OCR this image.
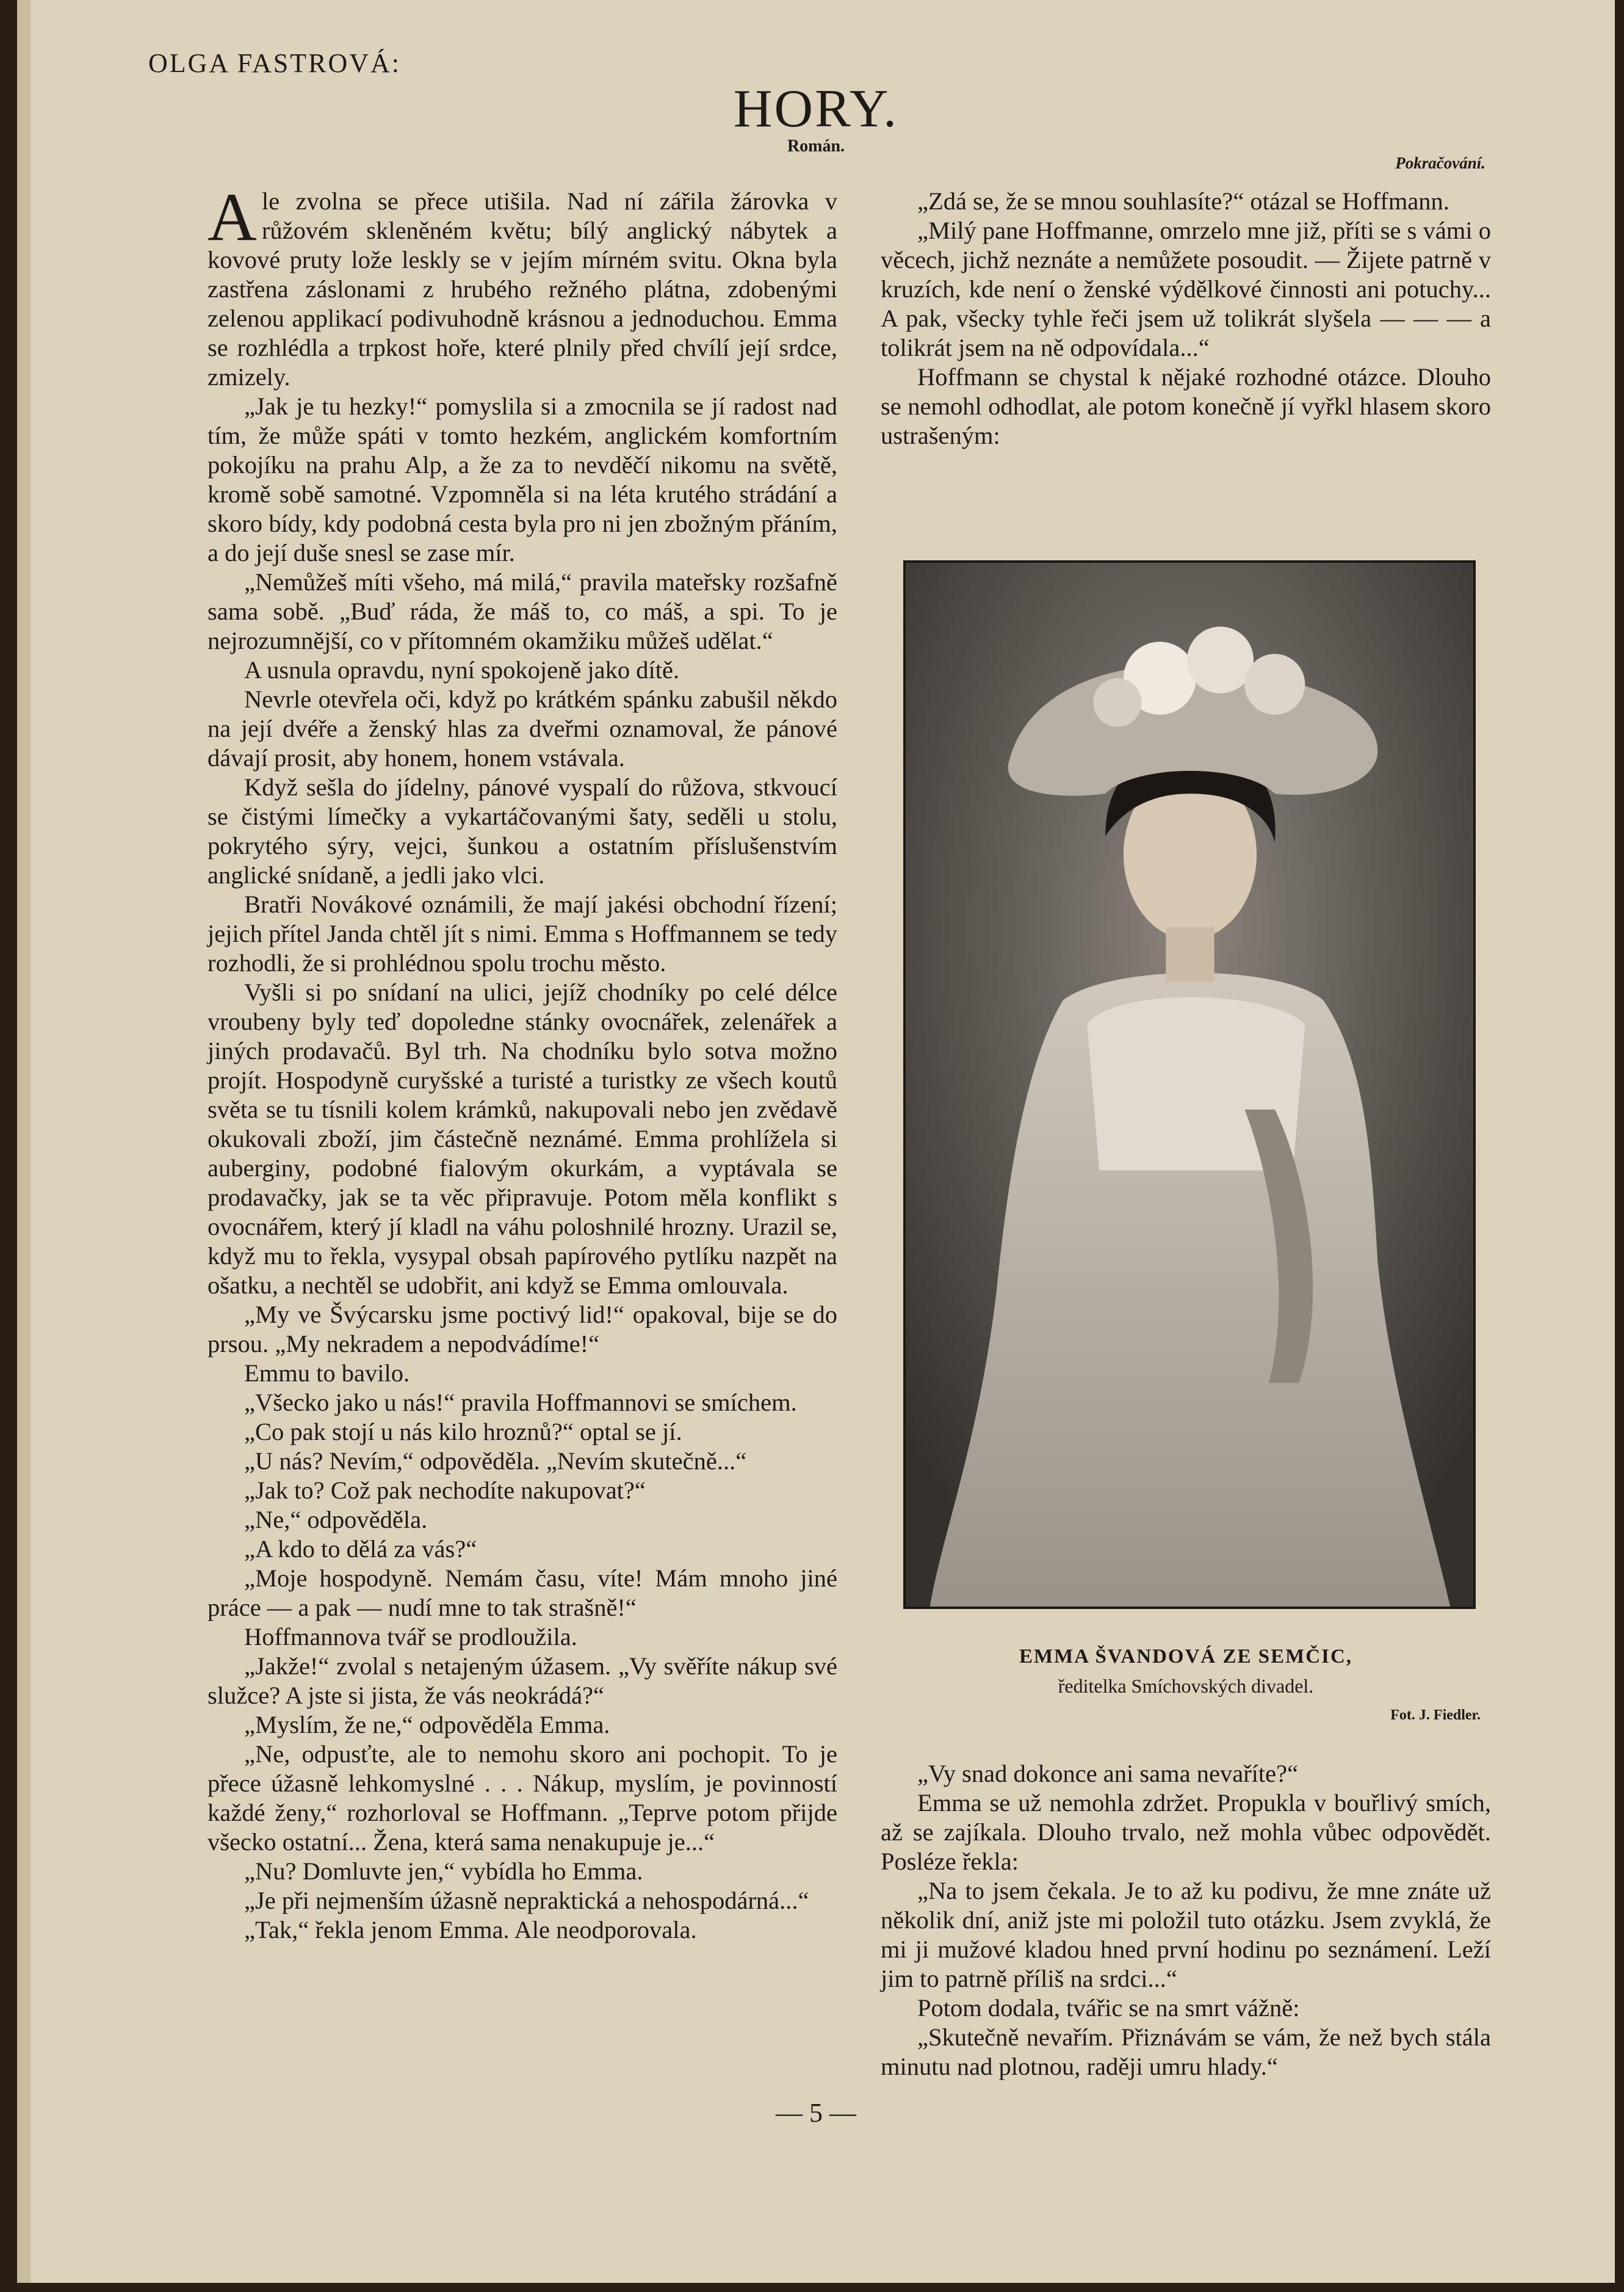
OLGA FASTROVÁ:
HORY.
Román.
Pokračování.

Ale zvolna se přece utišila. Nad ní zářila žárovka v růžovém skleněném květu; bílý anglický nábytek a kovové pruty lože leskly se v jejím mírném svitu. Okna byla zastřena záslonami z hrubého režného plátna, zdobenými zelenou applikací podivuhodně krásnou a jednoduchou. Emma se rozhlédla a trpkost hoře, které plnily před chvílí její srdce, zmizely.

„Jak je tu hezky!“ pomyslila si a zmocnila se jí radost nad tím, že může spáti v tomto hezkém, anglickém komfortním pokojíku na prahu Alp, a že za to nevděčí nikomu na světě, kromě sobě samotné. Vzpomněla si na léta krutého strádání a skoro bídy, kdy podobná cesta byla pro ni jen zbožným přáním, a do její duše snesl se zase mír.

„Nemůžeš míti všeho, má milá,“ pravila mateřsky rozšafně sama sobě. „Buď ráda, že máš to, co máš, a spi. To je nejrozumnější, co v přítomném okamžiku můžeš udělat.“

A usnula opravdu, nyní spokojeně jako dítě.

Nevrle otevřela oči, když po krátkém spánku zabušil někdo na její dvéře a ženský hlas za dveřmi oznamoval, že pánové dávají prosit, aby honem, honem vstávala.

Když sešla do jídelny, pánové vyspalí do růžova, stkvoucí se čistými límečky a vykartáčovanými šaty, seděli u stolu, pokrytého sýry, vejci, šunkou a ostatním příslušenstvím anglické snídaně, a jedli jako vlci.

Bratři Novákové oznámili, že mají jakési obchodní řízení; jejich přítel Janda chtěl jít s nimi. Emma s Hoffmannem se tedy rozhodli, že si prohlédnou spolu trochu město.

Vyšli si po snídaní na ulici, jejíž chodníky po celé délce vroubeny byly teď dopoledne stánky ovocnářek, zelenářek a jiných prodavačů. Byl trh. Na chodníku bylo sotva možno projít. Hospodyně curyšské a turisté a turistky ze všech koutů světa se tu tísnili kolem krámků, nakupovali nebo jen zvědavě okukovali zboží, jim částečně neznámé. Emma prohlížela si auberginy, podobné fialovým okurkám, a vyptávala se prodavačky, jak se ta věc připravuje. Potom měla konflikt s ovocnářem, který jí kladl na váhu poloshnilé hrozny. Urazil se, když mu to řekla, vysypal obsah papírového pytlíku nazpět na ošatku, a nechtěl se udobřit, ani když se Emma omlouvala.

„My ve Švýcarsku jsme poctivý lid!“ opakoval, bije se do prsou. „My nekradem a nepodvádíme!“

Emmu to bavilo.

„Všecko jako u nás!“ pravila Hoffmannovi se smíchem.

„Co pak stojí u nás kilo hroznů?“ optal se jí.

„U nás? Nevím,“ odpověděla. „Nevím skutečně...“

„Jak to? Což pak nechodíte nakupovat?“

„Ne,“ odpověděla.

„A kdo to dělá za vás?“

„Moje hospodyně. Nemám času, víte! Mám mnoho jiné práce — a pak — nudí mne to tak strašně!“

Hoffmannova tvář se prodloužila.

„Jakže!“ zvolal s netajeným úžasem. „Vy svěříte nákup své služce? A jste si jista, že vás neokrádá?“

„Myslím, že ne,“ odpověděla Emma.

„Ne, odpusťte, ale to nemohu skoro ani pochopit. To je přece úžasně lehkomyslné . . . Nákup, myslím, je povinností každé ženy,“ rozhorloval se Hoffmann. „Teprve potom přijde všecko ostatní... Žena, která sama nenakupuje je...“

„Nu? Domluvte jen,“ vybídla ho Emma.

„Je při nejmenším úžasně nepraktická a nehospodárná...“

„Tak,“ řekla jenom Emma. Ale neodporovala.

„Zdá se, že se mnou souhlasíte?“ otázal se Hoffmann.

„Milý pane Hoffmanne, omrzelo mne již, příti se s vámi o věcech, jichž neznáte a nemůžete posoudit. — Žijete patrně v kruzích, kde není o ženské výdělkové činnosti ani potuchy... A pak, všecky tyhle řeči jsem už tolikrát slyšela — — — a tolikrát jsem na ně odpovídala...“

Hoffmann se chystal k nějaké rozhodné otázce. Dlouho se nemohl odhodlat, ale potom konečně jí vyřkl hlasem skoro ustrašeným:

EMMA ŠVANDOVÁ ZE SEMČIC,
ředitelka Smíchovských divadel.
Fot. J. Fiedler.

„Vy snad dokonce ani sama nevaříte?“

Emma se už nemohla zdržet. Propukla v bouřlivý smích, až se zajíkala. Dlouho trvalo, než mohla vůbec odpovědět. Posléze řekla:

„Na to jsem čekala. Je to až ku podivu, že mne znáte už několik dní, aniž jste mi položil tuto otázku. Jsem zvyklá, že mi ji mužové kladou hned první hodinu po seznámení. Leží jim to patrně příliš na srdci...“

Potom dodala, tvářic se na smrt vážně:

„Skutečně nevařím. Přiznávám se vám, že než bych stála minutu nad plotnou, raději umru hlady.“

— 5 —
